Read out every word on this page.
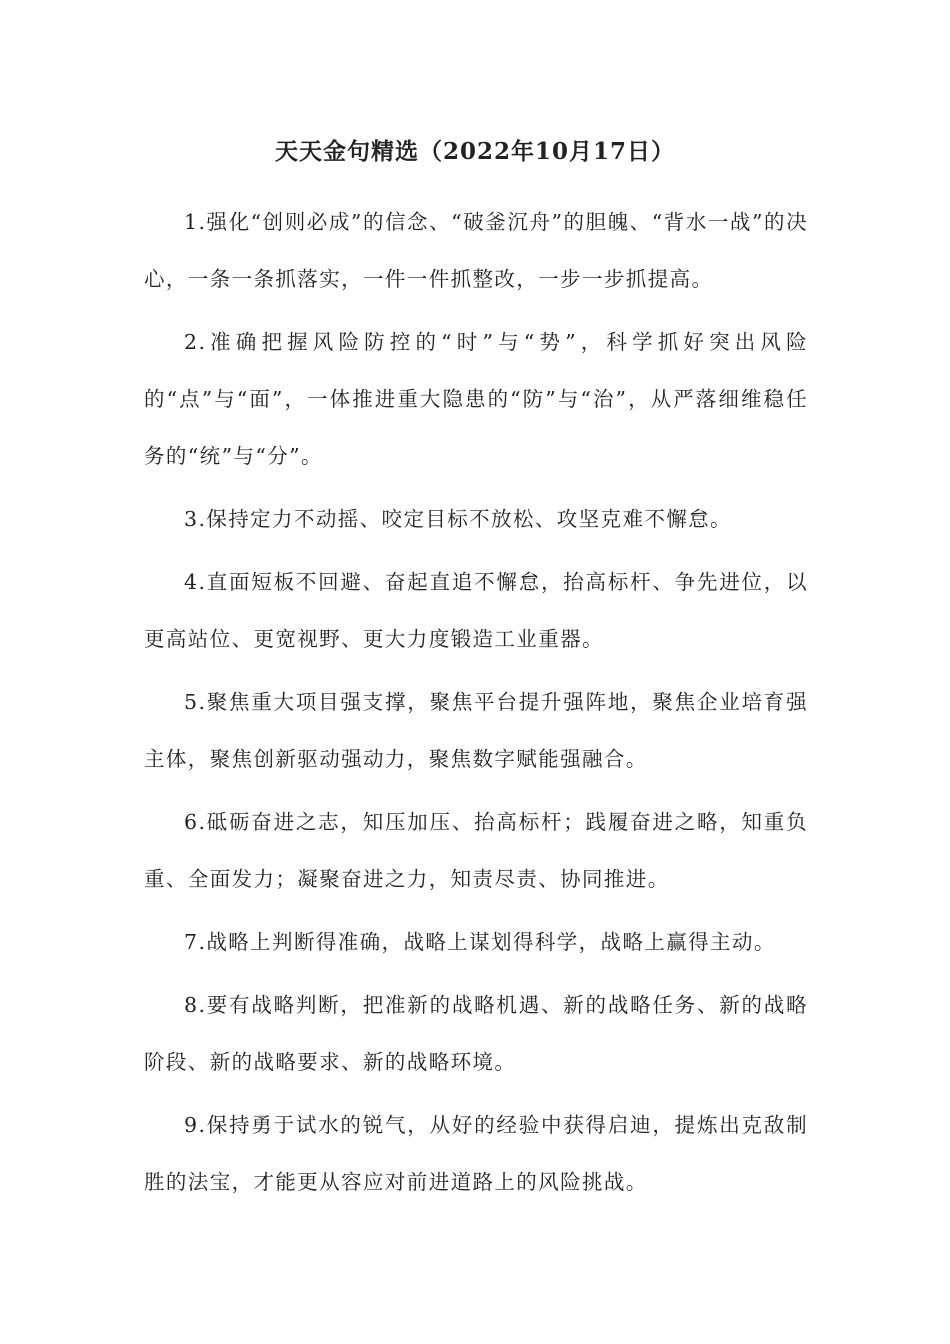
天天金句精选（2022年10月17日）

1.强化“创则必成”的信念、“破釜沉舟”的胆魄、“背水一战”的决心，一条一条抓落实，一件一件抓整改，一步一步抓提高。

2.准确把握风险防控的“时”与“势”，科学抓好突出风险的“点”与“面”，一体推进重大隐患的“防”与“治”，从严落细维稳任务的“统”与“分”。

3.保持定力不动摇、咬定目标不放松、攻坚克难不懈怠。

4.直面短板不回避、奋起直追不懈怠，抬高标杆、争先进位，以更高站位、更宽视野、更大力度锻造工业重器。

5.聚焦重大项目强支撑，聚焦平台提升强阵地，聚焦企业培育强主体，聚焦创新驱动强动力，聚焦数字赋能强融合。

6.砥砺奋进之志，知压加压、抬高标杆；践履奋进之略，知重负重、全面发力；凝聚奋进之力，知责尽责、协同推进。

7.战略上判断得准确，战略上谋划得科学，战略上赢得主动。

8.要有战略判断，把准新的战略机遇、新的战略任务、新的战略阶段、新的战略要求、新的战略环境。

9.保持勇于试水的锐气，从好的经验中获得启迪，提炼出克敌制胜的法宝，才能更从容应对前进道路上的风险挑战。
